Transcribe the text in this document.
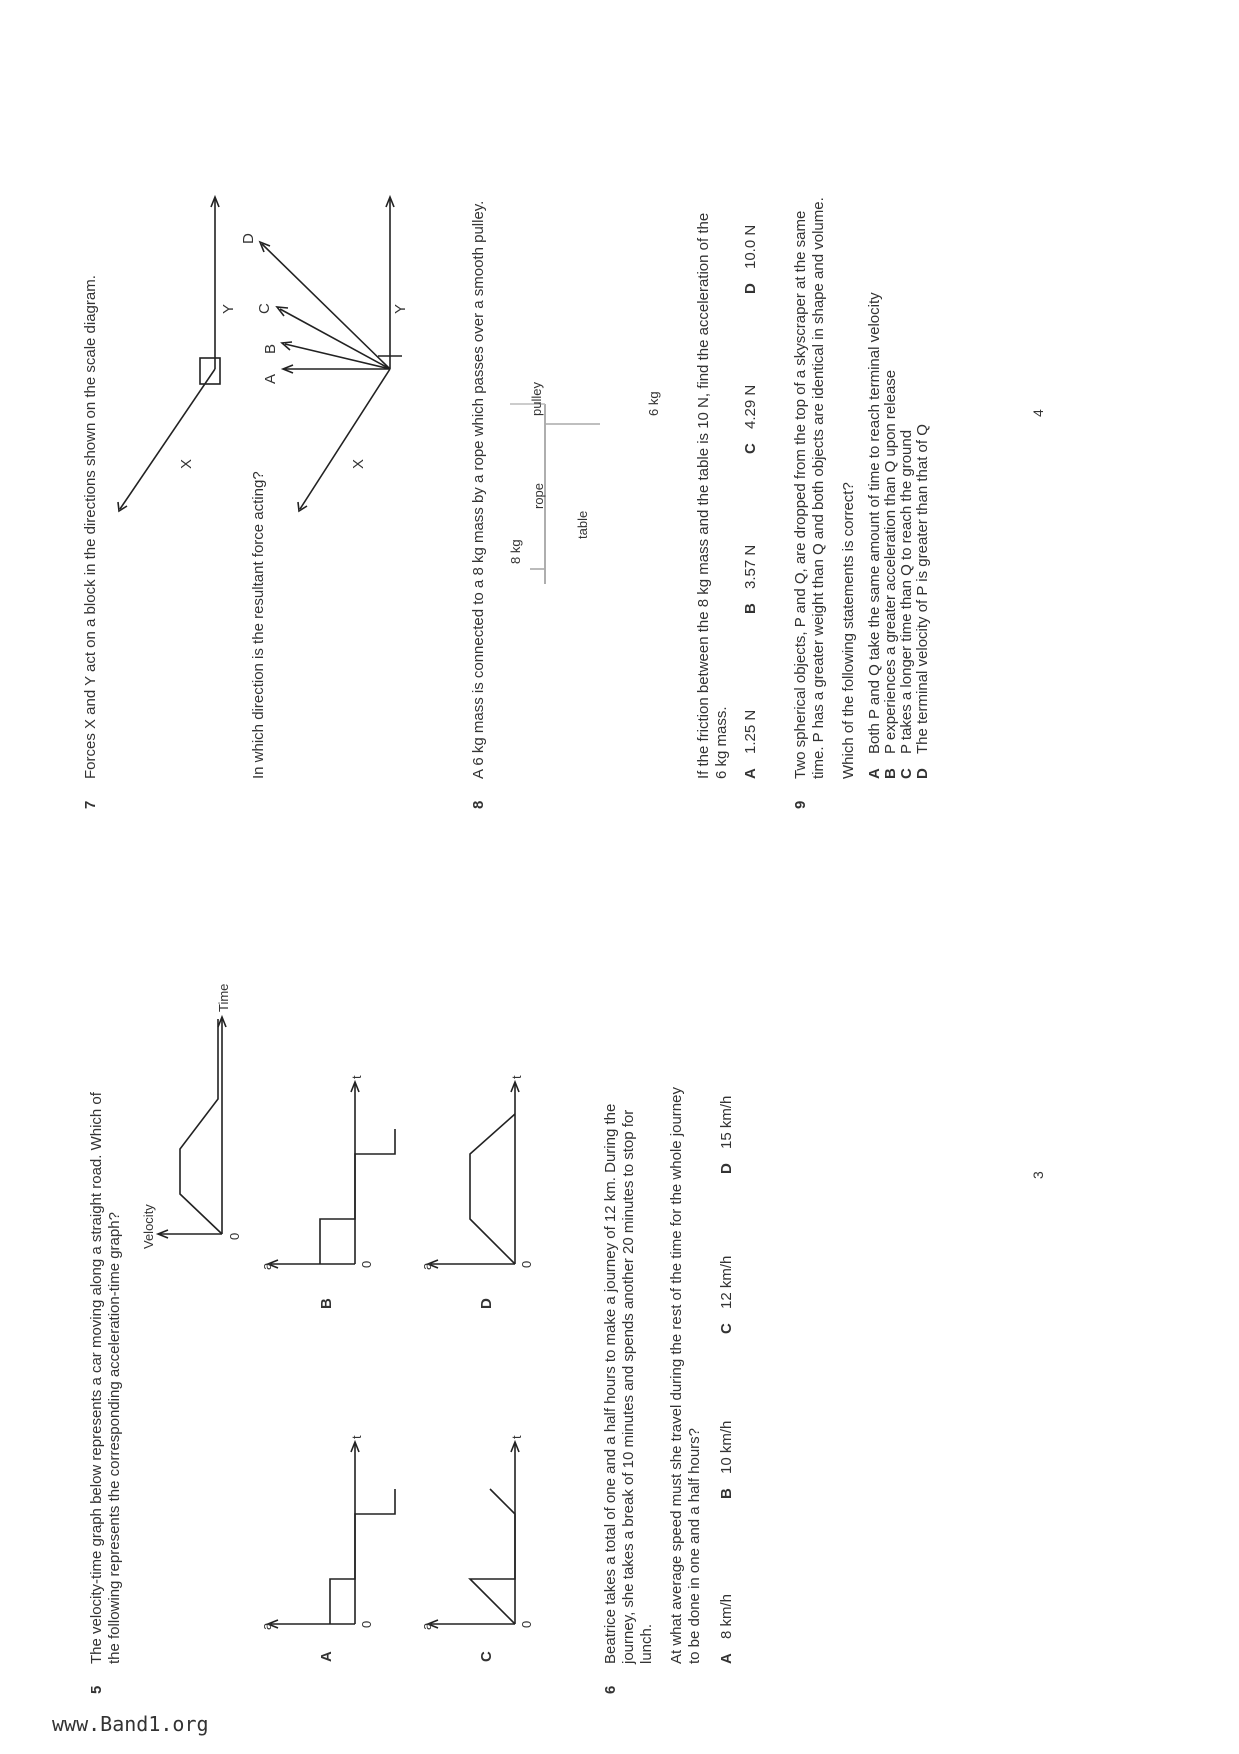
5
The velocity-time graph below represents a car moving along a straight road. Which of the following represents the corresponding acceleration-time graph? Velocity
Time
0
A
a
t
0
B
a
t
0
C
a
t
0
D
a
t
0
6
Beatrice takes a total of one and a half hours to make a journey of 12 km. During the journey, she takes a break of 10 minutes and spends another 20 minutes to stop for lunch. At what average speed must she travel during the rest of the time for the whole journey to be done in one and a half hours? A
8 km/h
B
10 km/h
C
12 km/h
D
15 km/h
7
Forces X and Y act on a block in the directions shown on the scale diagram.	X
Y
In which direction is the resultant force acting?
A
B
C
D
X
Y
8
A 6 kg mass is connected to a 8 kg mass by a rope which passes over a smooth pulley. 8 kg
rope
table
pulley	6 kg If the friction between the 8 kg mass and the table is 10 N, find the acceleration of the 6 kg mass. A
1.25 N
B
3.57 N
C
4.29 N
D
10.0 N
9
Two spherical objects, P and Q, are dropped from the top of a skyscraper at the same time. P has a greater weight than Q and both objects are identical in shape and volume. Which of the following statements is correct? A
Both P and Q take the same amount of time to reach terminal velocity
B
P experiences a greater acceleration than Q upon release
C
P takes a longer time than Q to reach the ground
D
The terminal velocity of P is greater than that of Q
3
4
www.Band1.org
